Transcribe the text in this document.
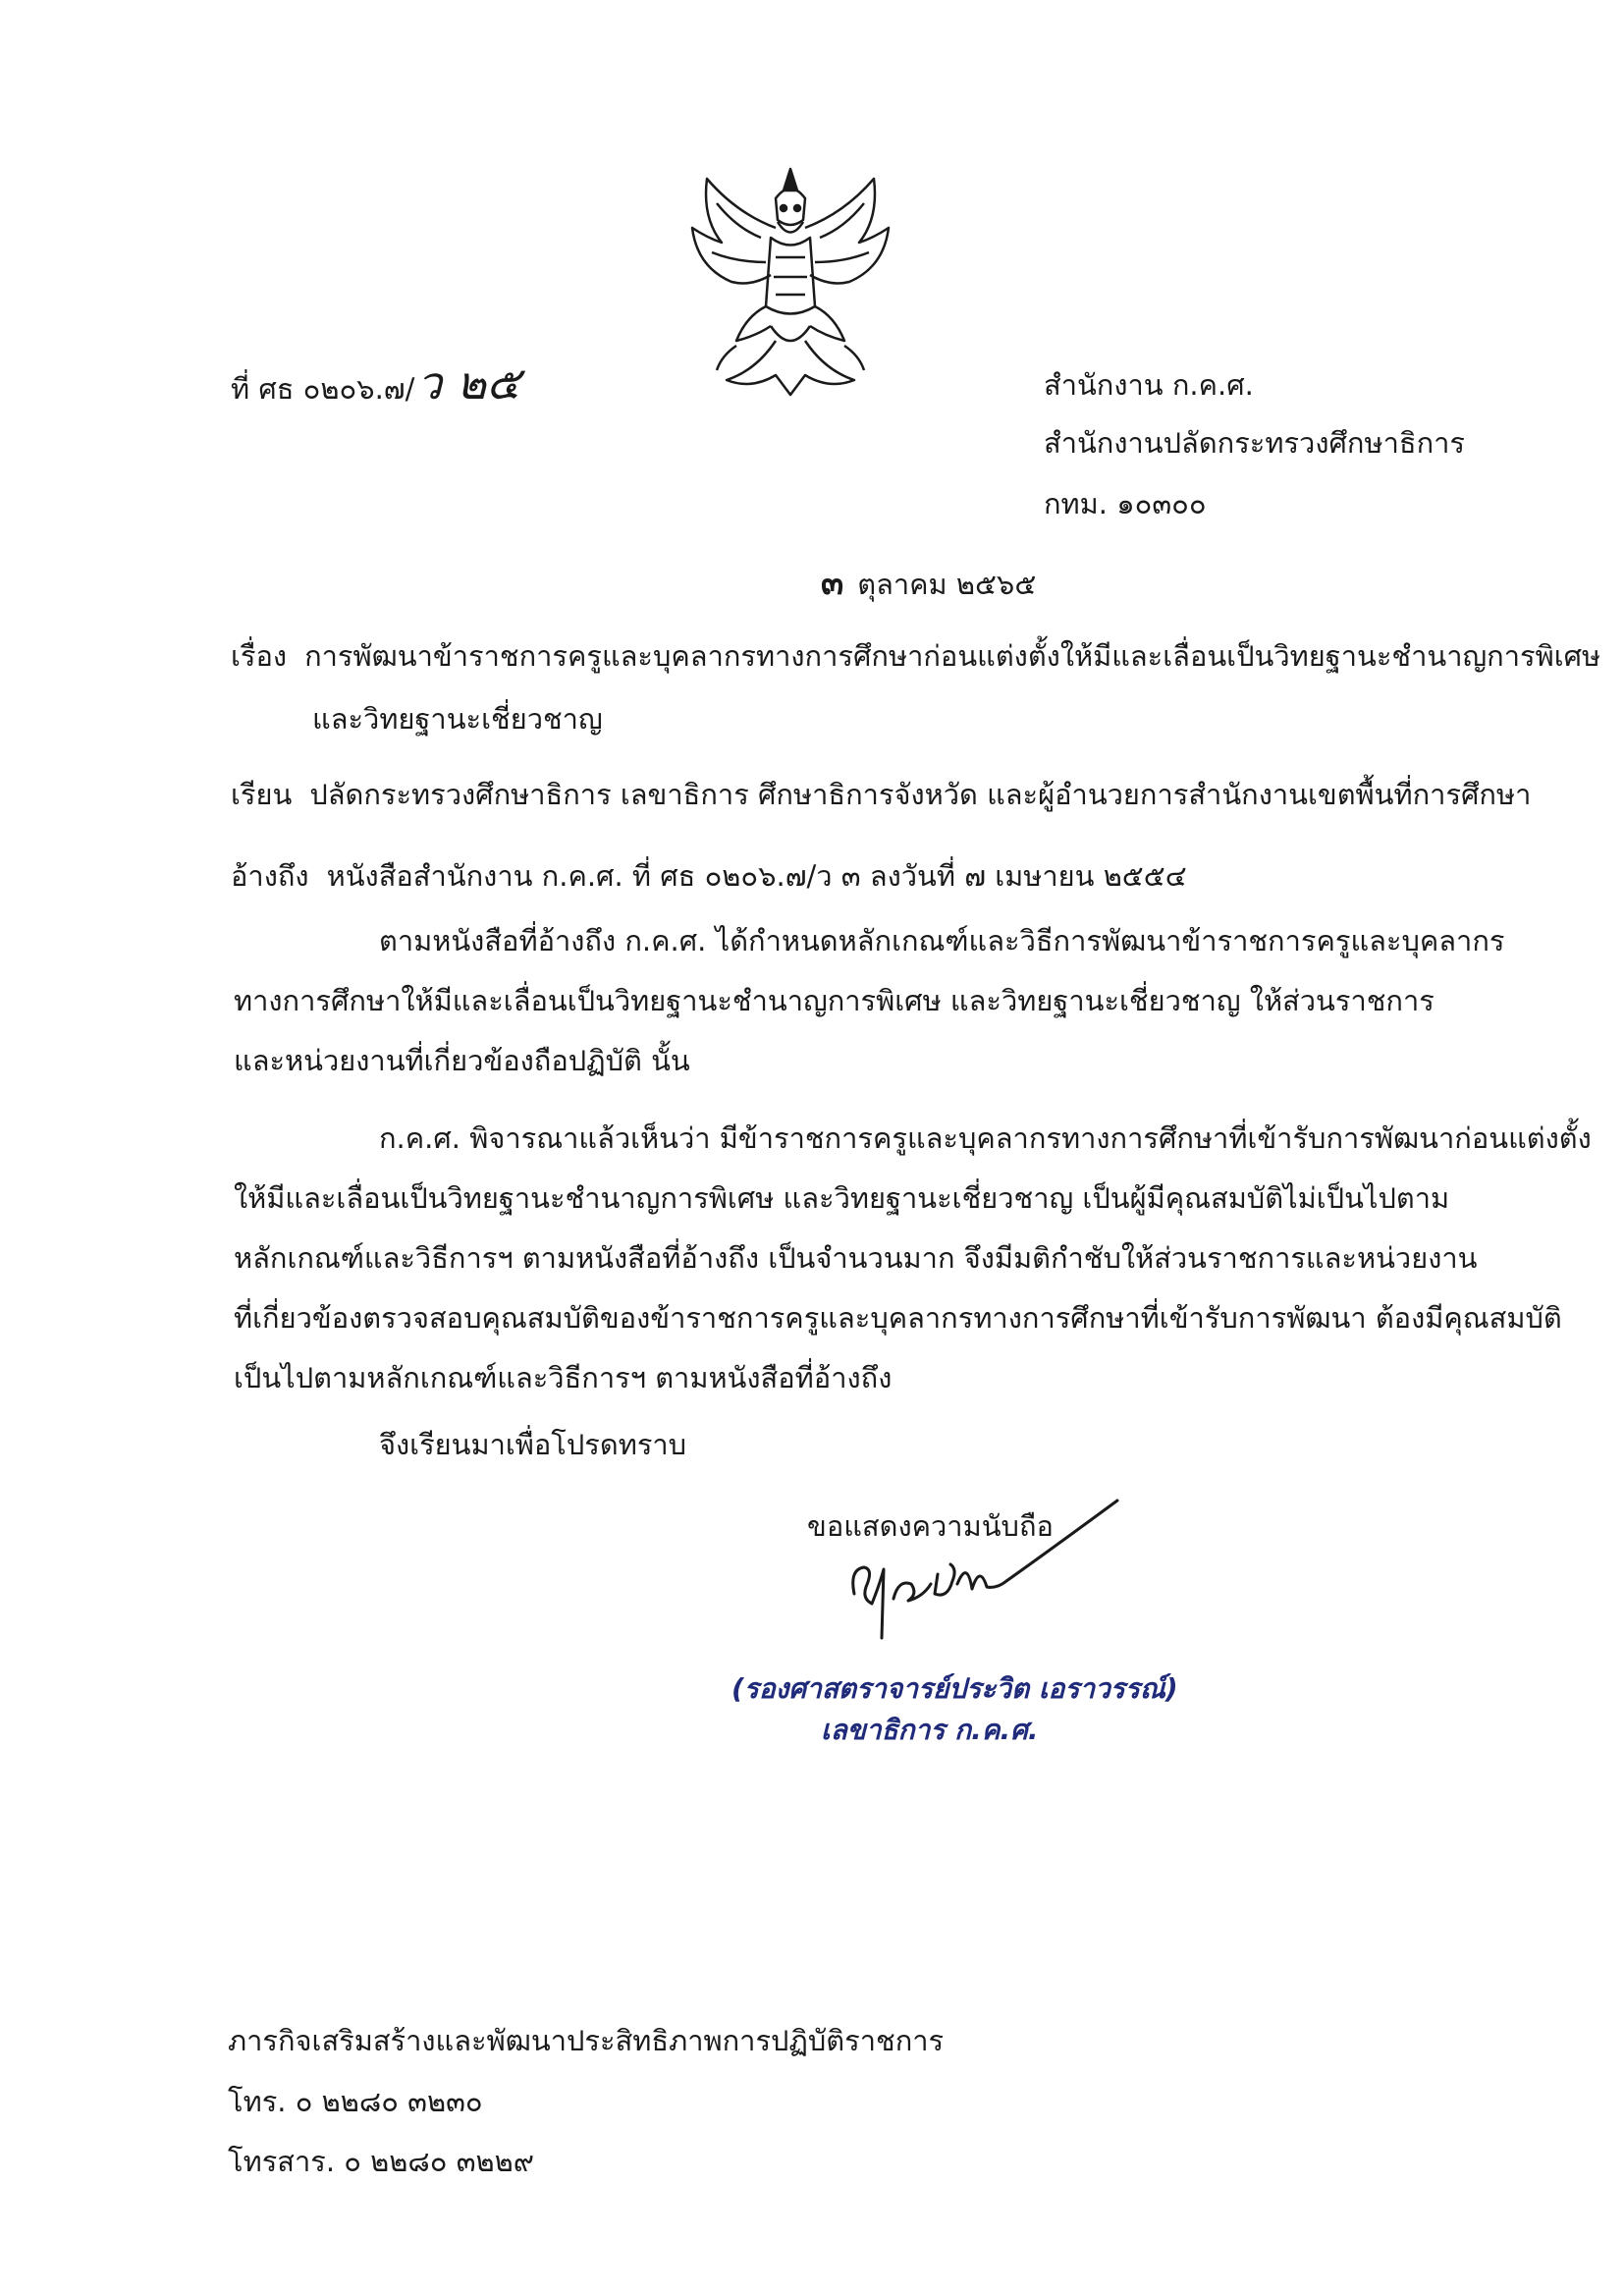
ที่ ศธ ๐๒๐๖.๗/ว ๒๕	สำนักงาน ก.ค.ศ.
สำนักงานปลัดกระทรวงศึกษาธิการ
กทม. ๑๐๓๐๐
๓ ตุลาคม ๒๕๖๕
เรื่อง การพัฒนาข้าราชการครูและบุคลากรทางการศึกษาก่อนแต่งตั้งให้มีและเลื่อนเป็นวิทยฐานะชำนาญการพิเศษ
และวิทยฐานะเชี่ยวชาญ
เรียน ปลัดกระทรวงศึกษาธิการ เลขาธิการ ศึกษาธิการจังหวัด และผู้อำนวยการสำนักงานเขตพื้นที่การศึกษา
อ้างถึง หนังสือสำนักงาน ก.ค.ศ. ที่ ศธ ๐๒๐๖.๗/ว ๓ ลงวันที่ ๗ เมษายน ๒๕๕๔
ตามหนังสือที่อ้างถึง ก.ค.ศ. ได้กำหนดหลักเกณฑ์และวิธีการพัฒนาข้าราชการครูและบุคลากร
ทางการศึกษาให้มีและเลื่อนเป็นวิทยฐานะชำนาญการพิเศษ และวิทยฐานะเชี่ยวชาญ ให้ส่วนราชการ
และหน่วยงานที่เกี่ยวข้องถือปฏิบัติ นั้น
ก.ค.ศ. พิจารณาแล้วเห็นว่า มีข้าราชการครูและบุคลากรทางการศึกษาที่เข้ารับการพัฒนาก่อนแต่งตั้ง
ให้มีและเลื่อนเป็นวิทยฐานะชำนาญการพิเศษ และวิทยฐานะเชี่ยวชาญ เป็นผู้มีคุณสมบัติไม่เป็นไปตาม
หลักเกณฑ์และวิธีการฯ ตามหนังสือที่อ้างถึง เป็นจำนวนมาก จึงมีมติกำชับให้ส่วนราชการและหน่วยงาน
ที่เกี่ยวข้องตรวจสอบคุณสมบัติของข้าราชการครูและบุคลากรทางการศึกษาที่เข้ารับการพัฒนา ต้องมีคุณสมบัติ
เป็นไปตามหลักเกณฑ์และวิธีการฯ ตามหนังสือที่อ้างถึง
จึงเรียนมาเพื่อโปรดทราบ
ขอแสดงความนับถือ
(รองศาสตราจารย์ประวิต เอราวรรณ์)
เลขาธิการ ก.ค.ศ.
ภารกิจเสริมสร้างและพัฒนาประสิทธิภาพการปฏิบัติราชการ
โทร. ๐ ๒๒๘๐ ๓๒๓๐
โทรสาร. ๐ ๒๒๘๐ ๓๒๒๙
